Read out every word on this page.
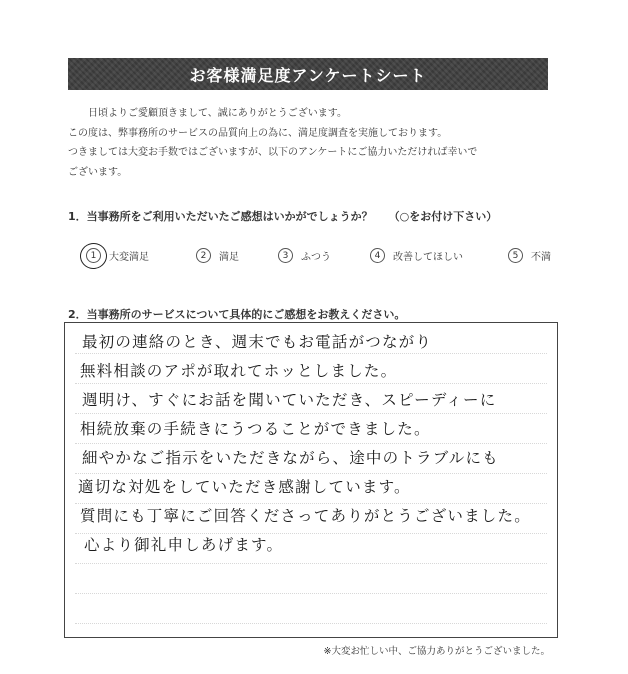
お客様満足度アンケートシート
日頃よりご愛顧頂きまして、誠にありがとうございます。
この度は、弊事務所のサービスの品質向上の為に、満足度調査を実施しております。
つきましては大変お手数ではございますが、以下のアンケートにご協力いただければ幸いで
ございます。
1．当事務所をご利用いただいたご感想はいかがでしょうか？ （○をお付け下さい）
1	大変満足	2	満足	3	ふつう	4	改善してほしい	5	不満
2．当事務所のサービスについて具体的にご感想をお教えください。
最初の連絡のとき、週末でもお電話がつながり
無料相談のアポが取れてホッとしました。
週明け、すぐにお話を聞いていただき、スピーディーに
相続放棄の手続きにうつることができました。
細やかなご指示をいただきながら、途中のトラブルにも
適切な対処をしていただき感謝しています。
質問にも丁寧にご回答くださってありがとうございました。
心より御礼申しあげます。
※大変お忙しい中、ご協力ありがとうございました。
